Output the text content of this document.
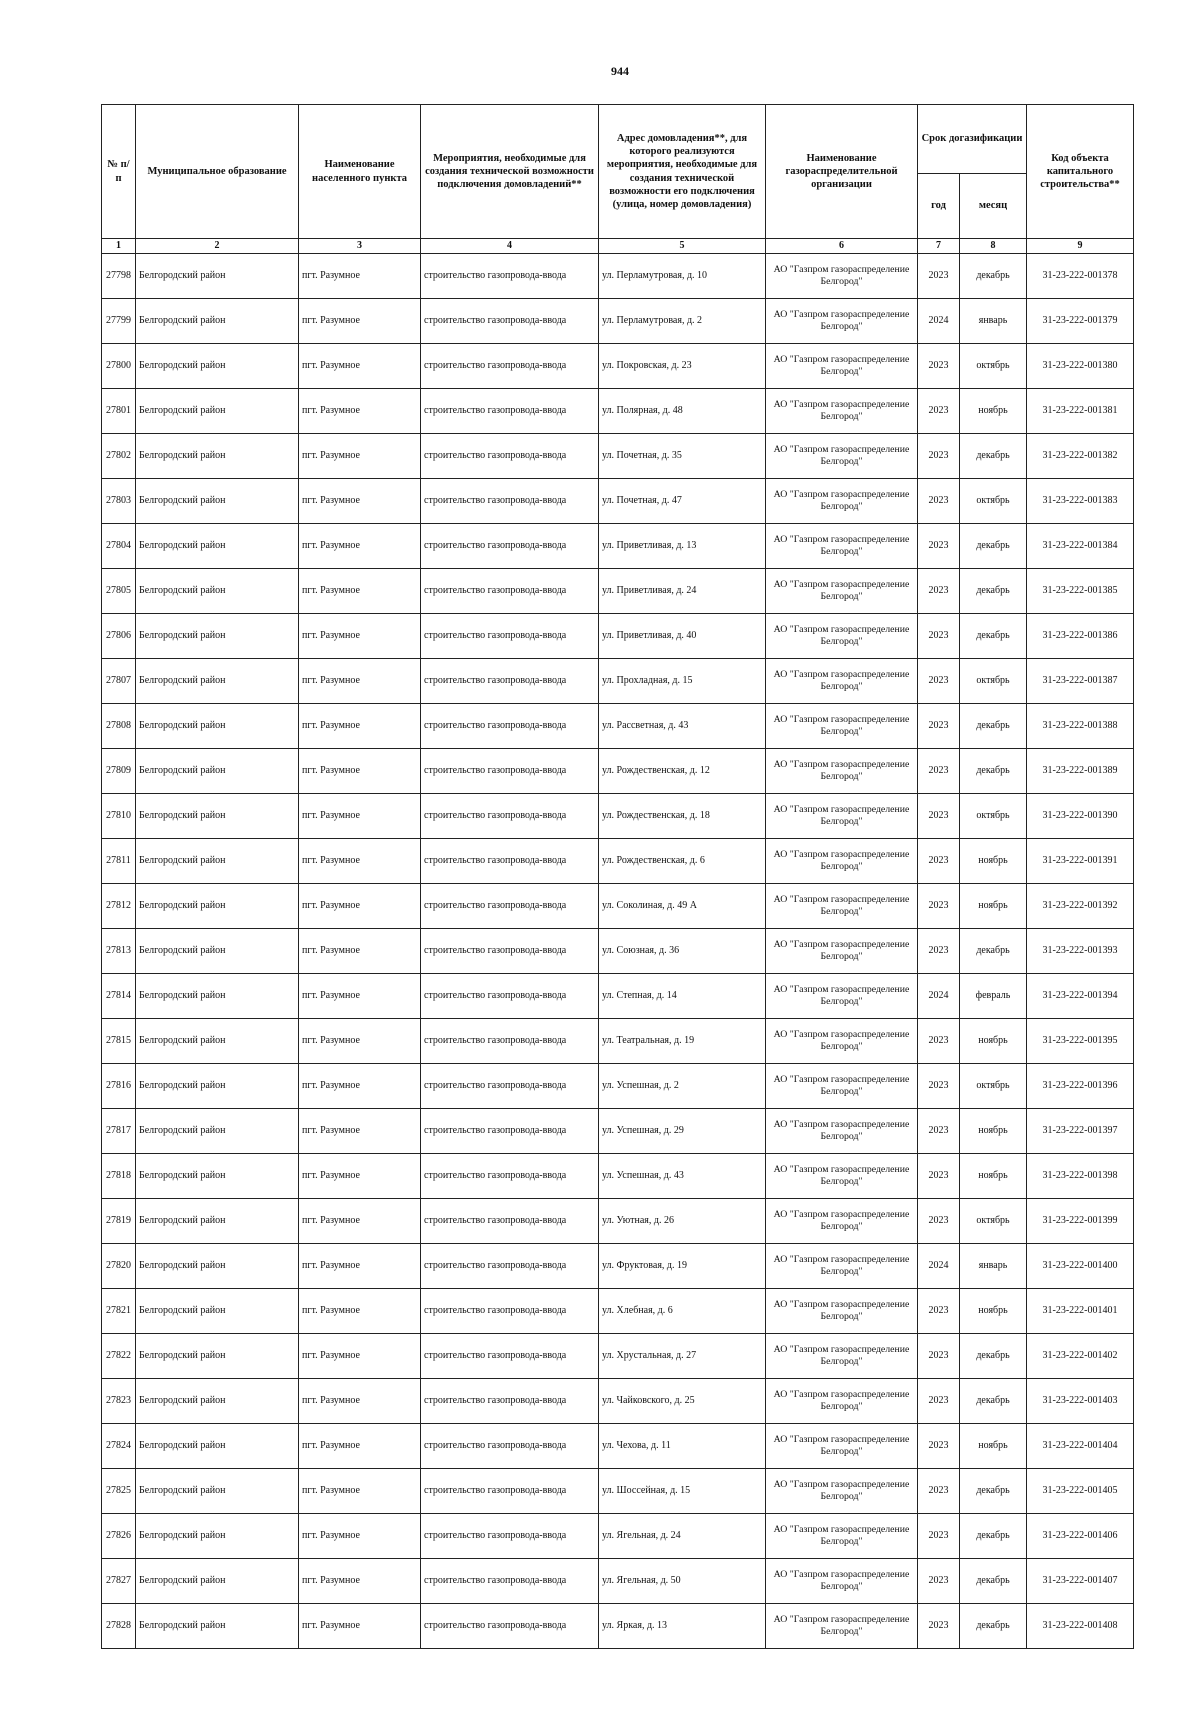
944
№ п/п	Муниципальное образование	Наименование населенного пункта	Мероприятия, необходимые для создания технической возможности подключения домовладений**	Адрес домовладения**, для которого реализуются мероприятия, необходимые для создания технической возможности его подключения (улица, номер домовладения)	Наименование газораспределительной организации	Срок догазификации		Код объекта капитального строительства**
						год	месяц	
1	2	3	4	5	6	7	8	9
27798	Белгородский район	пгт. Разумное	строительство газопровода-ввода	ул. Перламутровая, д. 10	АО "Газпром газораспределение Белгород"	2023	декабрь	31-23-222-001378
27799	Белгородский район	пгт. Разумное	строительство газопровода-ввода	ул. Перламутровая, д. 2	АО "Газпром газораспределение Белгород"	2024	январь	31-23-222-001379
27800	Белгородский район	пгт. Разумное	строительство газопровода-ввода	ул. Покровская, д. 23	АО "Газпром газораспределение Белгород"	2023	октябрь	31-23-222-001380
27801	Белгородский район	пгт. Разумное	строительство газопровода-ввода	ул. Полярная, д. 48	АО "Газпром газораспределение Белгород"	2023	ноябрь	31-23-222-001381
27802	Белгородский район	пгт. Разумное	строительство газопровода-ввода	ул. Почетная, д. 35	АО "Газпром газораспределение Белгород"	2023	декабрь	31-23-222-001382
27803	Белгородский район	пгт. Разумное	строительство газопровода-ввода	ул. Почетная, д. 47	АО "Газпром газораспределение Белгород"	2023	октябрь	31-23-222-001383
27804	Белгородский район	пгт. Разумное	строительство газопровода-ввода	ул. Приветливая, д. 13	АО "Газпром газораспределение Белгород"	2023	декабрь	31-23-222-001384
27805	Белгородский район	пгт. Разумное	строительство газопровода-ввода	ул. Приветливая, д. 24	АО "Газпром газораспределение Белгород"	2023	декабрь	31-23-222-001385
27806	Белгородский район	пгт. Разумное	строительство газопровода-ввода	ул. Приветливая, д. 40	АО "Газпром газораспределение Белгород"	2023	декабрь	31-23-222-001386
27807	Белгородский район	пгт. Разумное	строительство газопровода-ввода	ул. Прохладная, д. 15	АО "Газпром газораспределение Белгород"	2023	октябрь	31-23-222-001387
27808	Белгородский район	пгт. Разумное	строительство газопровода-ввода	ул. Рассветная, д. 43	АО "Газпром газораспределение Белгород"	2023	декабрь	31-23-222-001388
27809	Белгородский район	пгт. Разумное	строительство газопровода-ввода	ул. Рождественская, д. 12	АО "Газпром газораспределение Белгород"	2023	декабрь	31-23-222-001389
27810	Белгородский район	пгт. Разумное	строительство газопровода-ввода	ул. Рождественская, д. 18	АО "Газпром газораспределение Белгород"	2023	октябрь	31-23-222-001390
27811	Белгородский район	пгт. Разумное	строительство газопровода-ввода	ул. Рождественская, д. 6	АО "Газпром газораспределение Белгород"	2023	ноябрь	31-23-222-001391
27812	Белгородский район	пгт. Разумное	строительство газопровода-ввода	ул. Соколиная, д. 49 А	АО "Газпром газораспределение Белгород"	2023	ноябрь	31-23-222-001392
27813	Белгородский район	пгт. Разумное	строительство газопровода-ввода	ул. Союзная, д. 36	АО "Газпром газораспределение Белгород"	2023	декабрь	31-23-222-001393
27814	Белгородский район	пгт. Разумное	строительство газопровода-ввода	ул. Степная, д. 14	АО "Газпром газораспределение Белгород"	2024	февраль	31-23-222-001394
27815	Белгородский район	пгт. Разумное	строительство газопровода-ввода	ул. Театральная, д. 19	АО "Газпром газораспределение Белгород"	2023	ноябрь	31-23-222-001395
27816	Белгородский район	пгт. Разумное	строительство газопровода-ввода	ул. Успешная, д. 2	АО "Газпром газораспределение Белгород"	2023	октябрь	31-23-222-001396
27817	Белгородский район	пгт. Разумное	строительство газопровода-ввода	ул. Успешная, д. 29	АО "Газпром газораспределение Белгород"	2023	ноябрь	31-23-222-001397
27818	Белгородский район	пгт. Разумное	строительство газопровода-ввода	ул. Успешная, д. 43	АО "Газпром газораспределение Белгород"	2023	ноябрь	31-23-222-001398
27819	Белгородский район	пгт. Разумное	строительство газопровода-ввода	ул. Уютная, д. 26	АО "Газпром газораспределение Белгород"	2023	октябрь	31-23-222-001399
27820	Белгородский район	пгт. Разумное	строительство газопровода-ввода	ул. Фруктовая, д. 19	АО "Газпром газораспределение Белгород"	2024	январь	31-23-222-001400
27821	Белгородский район	пгт. Разумное	строительство газопровода-ввода	ул. Хлебная, д. 6	АО "Газпром газораспределение Белгород"	2023	ноябрь	31-23-222-001401
27822	Белгородский район	пгт. Разумное	строительство газопровода-ввода	ул. Хрустальная, д. 27	АО "Газпром газораспределение Белгород"	2023	декабрь	31-23-222-001402
27823	Белгородский район	пгт. Разумное	строительство газопровода-ввода	ул. Чайковского, д. 25	АО "Газпром газораспределение Белгород"	2023	декабрь	31-23-222-001403
27824	Белгородский район	пгт. Разумное	строительство газопровода-ввода	ул. Чехова, д. 11	АО "Газпром газораспределение Белгород"	2023	ноябрь	31-23-222-001404
27825	Белгородский район	пгт. Разумное	строительство газопровода-ввода	ул. Шоссейная, д. 15	АО "Газпром газораспределение Белгород"	2023	декабрь	31-23-222-001405
27826	Белгородский район	пгт. Разумное	строительство газопровода-ввода	ул. Ягельная, д. 24	АО "Газпром газораспределение Белгород"	2023	декабрь	31-23-222-001406
27827	Белгородский район	пгт. Разумное	строительство газопровода-ввода	ул. Ягельная, д. 50	АО "Газпром газораспределение Белгород"	2023	декабрь	31-23-222-001407
27828	Белгородский район	пгт. Разумное	строительство газопровода-ввода	ул. Яркая, д. 13	АО "Газпром газораспределение Белгород"	2023	декабрь	31-23-222-001408
